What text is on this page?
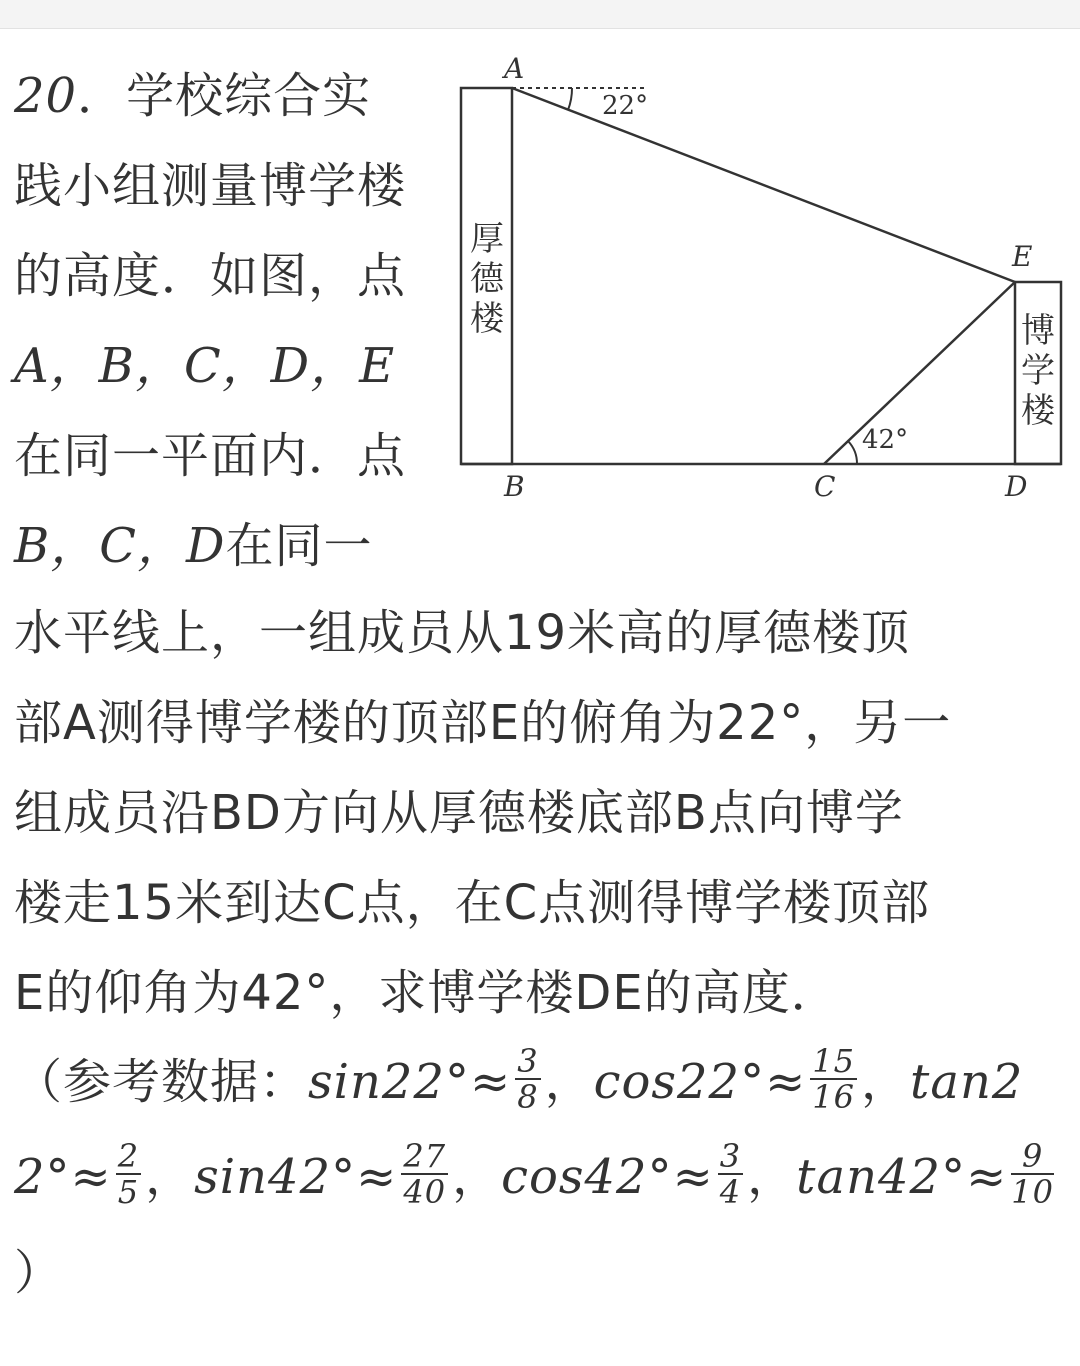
20．学校综合实
践小组测量博学楼
的高度．如图，点
A，B，C，D，E
在同一平面内．点
B，C，D在同一
水平线上，一组成员从19米高的厚德楼顶
部A测得博学楼的顶部E的俯角为22°，另一
组成员沿BD方向从厚德楼底部B点向博学
楼走15米到达C点，在C点测得博学楼顶部
E的仰角为42°，求博学楼DE的高度．
（参考数据：$\sin 22^\circ\approx \frac{3}{8}$ ，$\cos 22^\circ\approx \frac{15}{16}$ ，tan2
$2^\circ\approx \frac{2}{5}$ ，$\sin 42^\circ\approx \frac{27}{40}$ ，$\cos 42^\circ\approx \frac{3}{4}$ ，$\tan 42^\circ\approx \frac{9}{10}$
）
A
B	C	D
E
22°
42°
厚
德
楼	博
学
楼
